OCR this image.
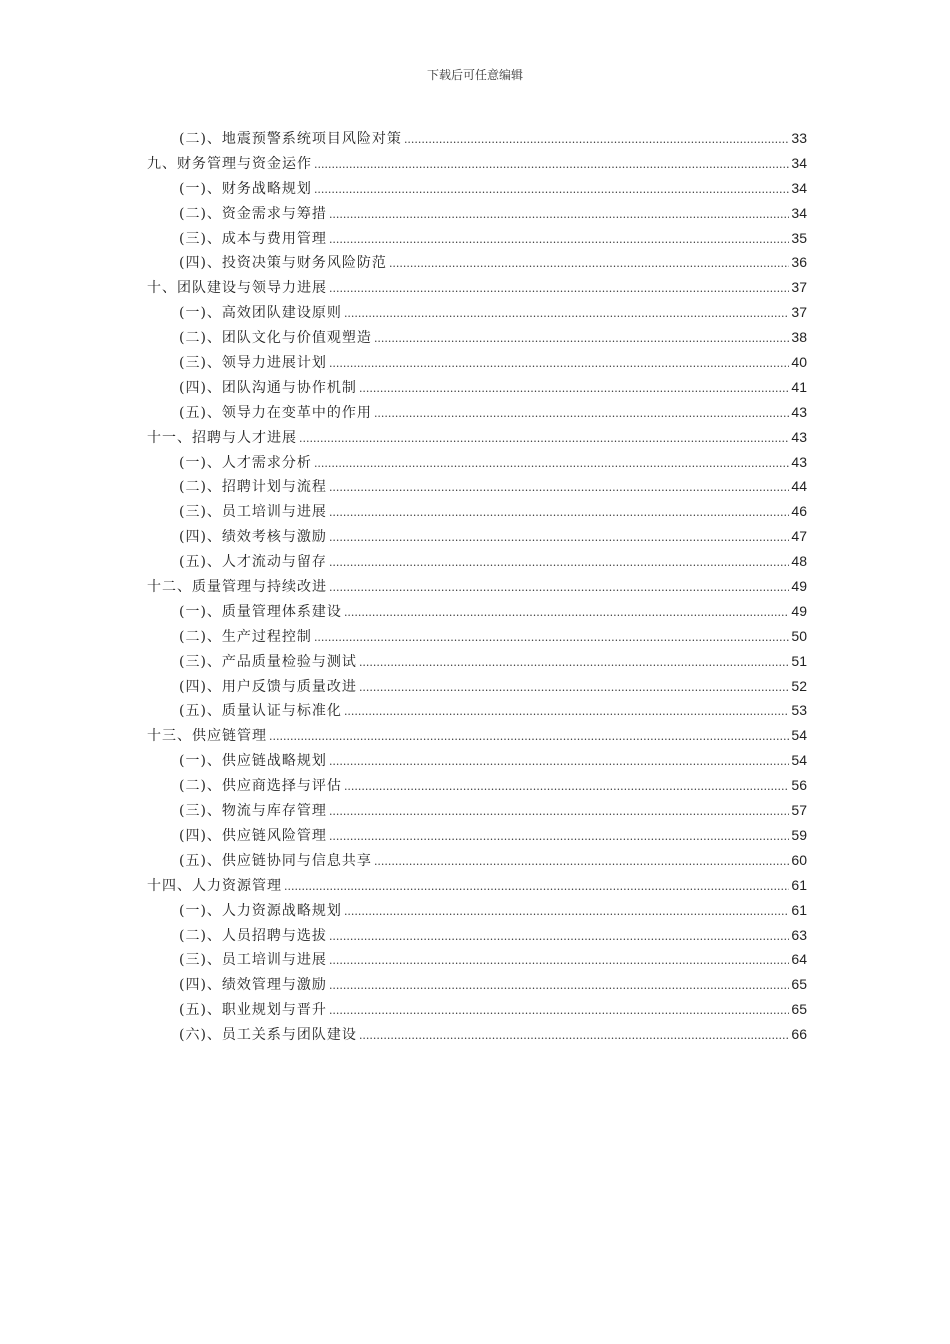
下载后可任意编辑
(二)、地震预警系统项目风险对策 .....	33
九、财务管理与资金运作 .....	34
(一)、财务战略规划 .....	34
(二)、资金需求与筹措 .....	34
(三)、成本与费用管理 .....	35
(四)、投资决策与财务风险防范 .....	36
十、团队建设与领导力进展 .....	37
(一)、高效团队建设原则 .....	37
(二)、团队文化与价值观塑造 .....	38
(三)、领导力进展计划 .....	40
(四)、团队沟通与协作机制 .....	41
(五)、领导力在变革中的作用 .....	43
十一、招聘与人才进展 .....	43
(一)、人才需求分析 .....	43
(二)、招聘计划与流程 .....	44
(三)、员工培训与进展 .....	46
(四)、绩效考核与激励 .....	47
(五)、人才流动与留存 .....	48
十二、质量管理与持续改进 .....	49
(一)、质量管理体系建设 .....	49
(二)、生产过程控制 .....	50
(三)、产品质量检验与测试 .....	51
(四)、用户反馈与质量改进 .....	52
(五)、质量认证与标准化 .....	53
十三、供应链管理 .....	54
(一)、供应链战略规划 .....	54
(二)、供应商选择与评估 .....	56
(三)、物流与库存管理 .....	57
(四)、供应链风险管理 .....	59
(五)、供应链协同与信息共享 .....	60
十四、人力资源管理 .....	61
(一)、人力资源战略规划 .....	61
(二)、人员招聘与选拔 .....	63
(三)、员工培训与进展 .....	64
(四)、绩效管理与激励 .....	65
(五)、职业规划与晋升 .....	65
(六)、员工关系与团队建设 .....	66
